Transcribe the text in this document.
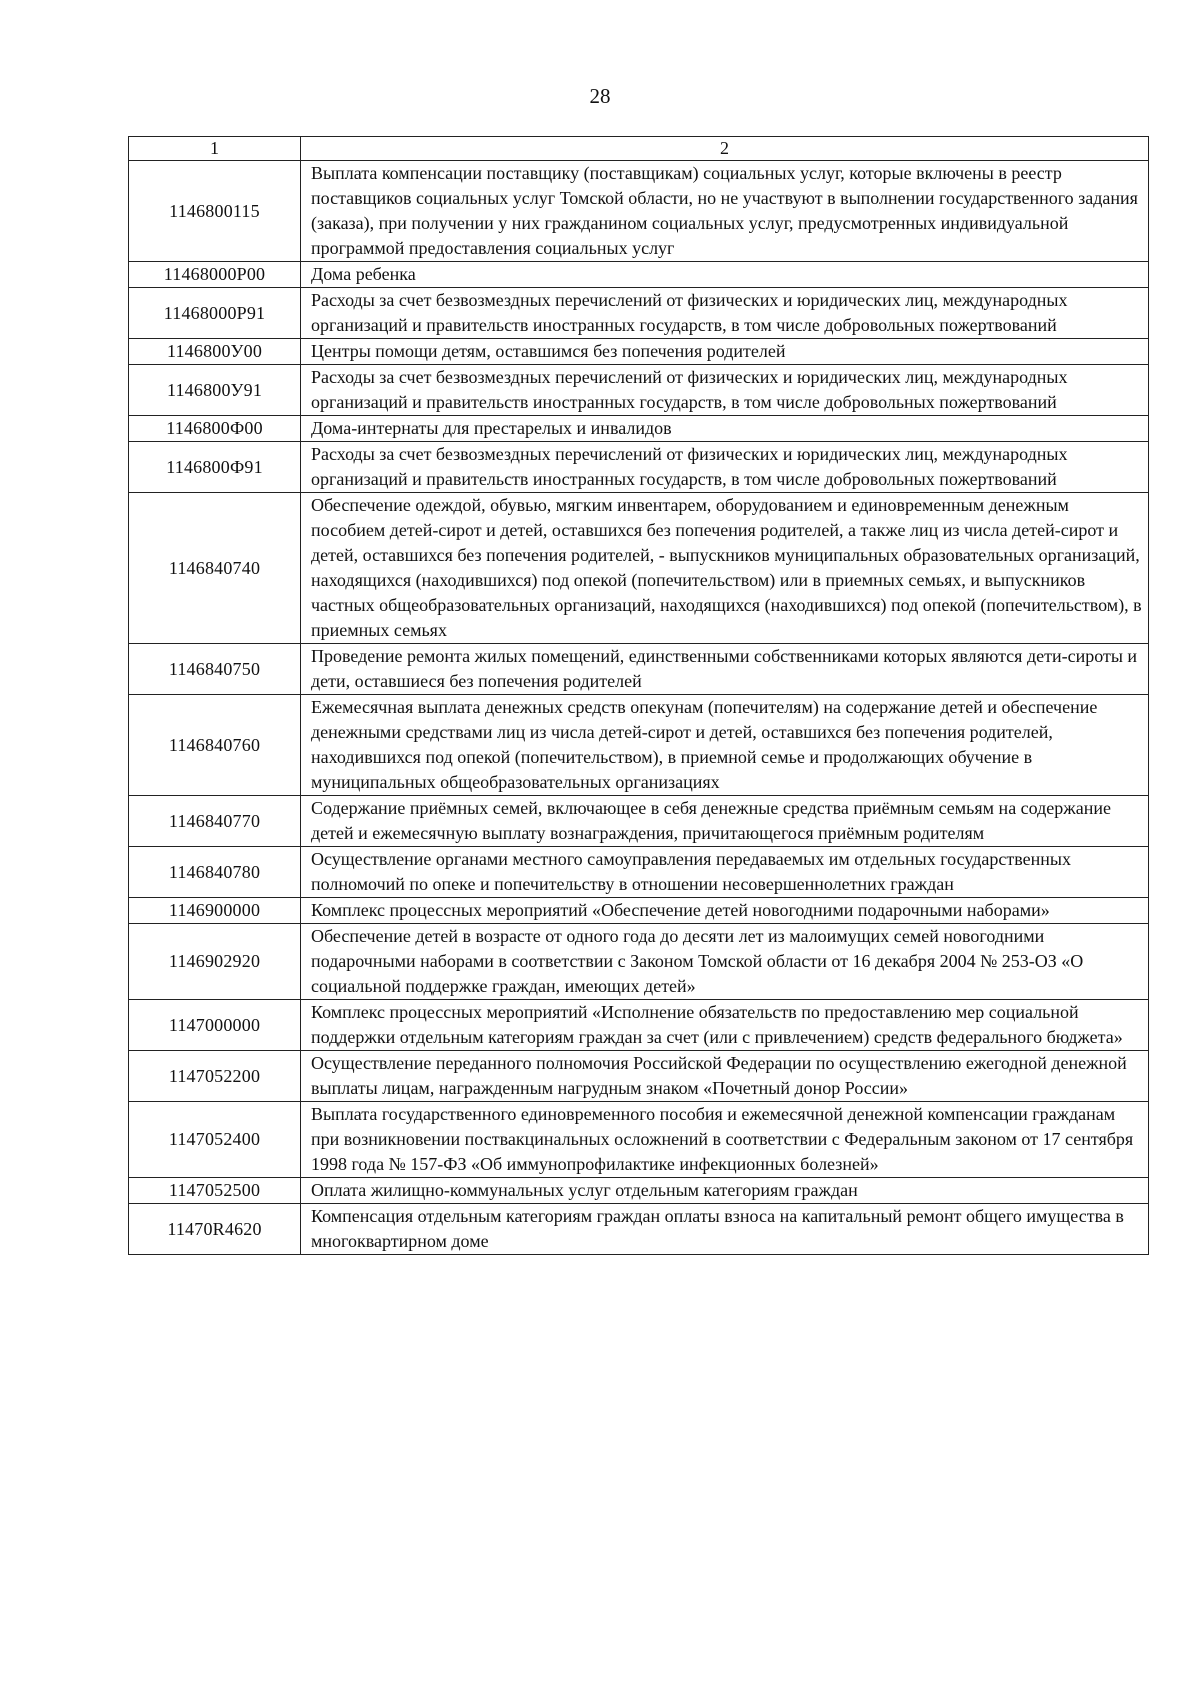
28
1	2
1146800115	Выплата компенсации поставщику (поставщикам) социальных услуг, которые включены в реестр поставщиков социальных услуг Томской области, но не участвуют в выполнении государственного задания (заказа), при получении у них гражданином социальных услуг, предусмотренных индивидуальной программой предоставления социальных услуг
11468000Р00	Дома ребенка
11468000Р91	Расходы за счет безвозмездных перечислений от физических и юридических лиц, международных организаций и правительств иностранных государств, в том числе добровольных пожертвований
1146800У00	Центры помощи детям, оставшимся без попечения родителей
1146800У91	Расходы за счет безвозмездных перечислений от физических и юридических лиц, международных организаций и правительств иностранных государств, в том числе добровольных пожертвований
1146800Ф00	Дома-интернаты для престарелых и инвалидов
1146800Ф91	Расходы за счет безвозмездных перечислений от физических и юридических лиц, международных организаций и правительств иностранных государств, в том числе добровольных пожертвований
1146840740	Обеспечение одеждой, обувью, мягким инвентарем, оборудованием и единовременным денежным пособием детей-сирот и детей, оставшихся без попечения родителей, а также лиц из числа детей-сирот и детей, оставшихся без попечения родителей, - выпускников муниципальных образовательных организаций, находящихся (находившихся) под опекой (попечительством) или в приемных семьях, и выпускников частных общеобразовательных организаций, находящихся (находившихся) под опекой (попечительством), в приемных семьях
1146840750	Проведение ремонта жилых помещений, единственными собственниками которых являются дети-сироты и дети, оставшиеся без попечения родителей
1146840760	Ежемесячная выплата денежных средств опекунам (попечителям) на содержание детей и обеспечение денежными средствами лиц из числа детей-сирот и детей, оставшихся без попечения родителей, находившихся под опекой (попечительством), в приемной семье и продолжающих обучение в муниципальных общеобразовательных организациях
1146840770	Содержание приёмных семей, включающее в себя денежные средства приёмным семьям на содержание детей и ежемесячную выплату вознаграждения, причитающегося приёмным родителям
1146840780	Осуществление органами местного самоуправления передаваемых им отдельных государственных полномочий по опеке и попечительству в отношении несовершеннолетних граждан
1146900000	Комплекс процессных мероприятий «Обеспечение детей новогодними подарочными наборами»
1146902920	Обеспечение детей в возрасте от одного года до десяти лет из малоимущих семей новогодними подарочными наборами в соответствии с Законом Томской области от 16 декабря 2004 № 253-ОЗ «О социальной поддержке граждан, имеющих детей»
1147000000	Комплекс процессных мероприятий «Исполнение обязательств по предоставлению мер социальной поддержки отдельным категориям граждан за счет (или с привлечением) средств федерального бюджета»
1147052200	Осуществление переданного полномочия Российской Федерации по осуществлению ежегодной денежной выплаты лицам, награжденным нагрудным знаком «Почетный донор России»
1147052400	Выплата государственного единовременного пособия и ежемесячной денежной компенсации гражданам при возникновении поствакцинальных осложнений в соответствии с Федеральным законом от 17 сентября 1998 года № 157-ФЗ «Об иммунопрофилактике инфекционных болезней»
1147052500	Оплата жилищно-коммунальных услуг отдельным категориям граждан
11470R4620	Компенсация отдельным категориям граждан оплаты взноса на капитальный ремонт общего имущества в многоквартирном доме
